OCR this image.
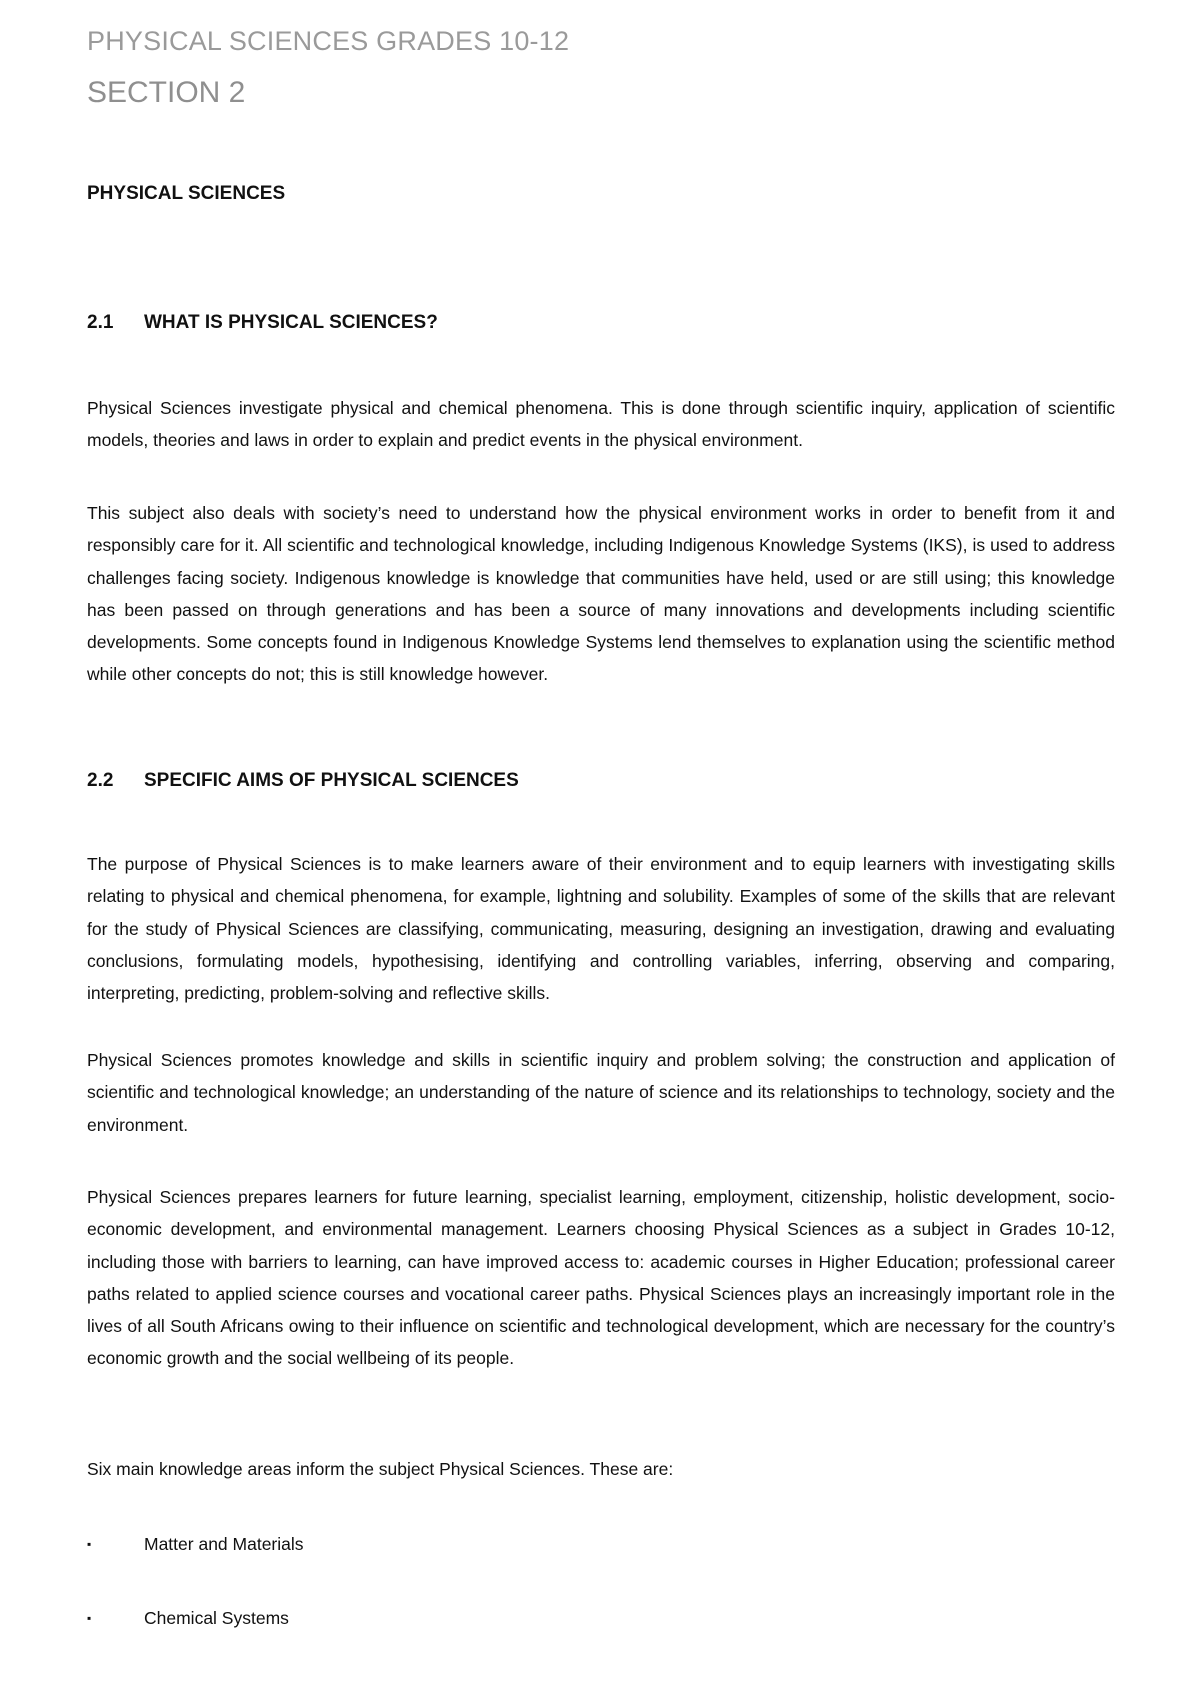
PHYSICAL SCIENCES GRADES 10-12
SECTION 2
PHYSICAL SCIENCES
2.1 WHAT IS PHYSICAL SCIENCES?

Physical Sciences investigate physical and chemical phenomena. This is done through scientific inquiry, application of scientific models, theories and laws in order to explain and predict events in the physical environment.

This subject also deals with society’s need to understand how the physical environment works in order to benefit from it and responsibly care for it. All scientific and technological knowledge, including Indigenous Knowledge Systems (IKS), is used to address challenges facing society. Indigenous knowledge is knowledge that communities have held, used or are still using; this knowledge has been passed on through generations and has been a source of many innovations and developments including scientific developments. Some concepts found in Indigenous Knowledge Systems lend themselves to explanation using the scientific method while other concepts do not; this is still knowledge however.

2.2 SPECIFIC AIMS OF PHYSICAL SCIENCES

The purpose of Physical Sciences is to make learners aware of their environment and to equip learners with investigating skills relating to physical and chemical phenomena, for example, lightning and solubility. Examples of some of the skills that are relevant for the study of Physical Sciences are classifying, communicating, measuring, designing an investigation, drawing and evaluating conclusions, formulating models, hypothesising, identifying and controlling variables, inferring, observing and comparing, interpreting, predicting, problem-solving and reflective skills.

Physical Sciences promotes knowledge and skills in scientific inquiry and problem solving; the construction and application of scientific and technological knowledge; an understanding of the nature of science and its relationships to technology, society and the environment.

Physical Sciences prepares learners for future learning, specialist learning, employment, citizenship, holistic development, socio-economic development, and environmental management. Learners choosing Physical Sciences as a subject in Grades 10-12, including those with barriers to learning, can have improved access to: academic courses in Higher Education; professional career paths related to applied science courses and vocational career paths. Physical Sciences plays an increasingly important role in the lives of all South Africans owing to their influence on scientific and technological development, which are necessary for the country’s economic growth and the social wellbeing of its people.

Six main knowledge areas inform the subject Physical Sciences. These are:

▪	Matter and Materials
▪	Chemical Systems
